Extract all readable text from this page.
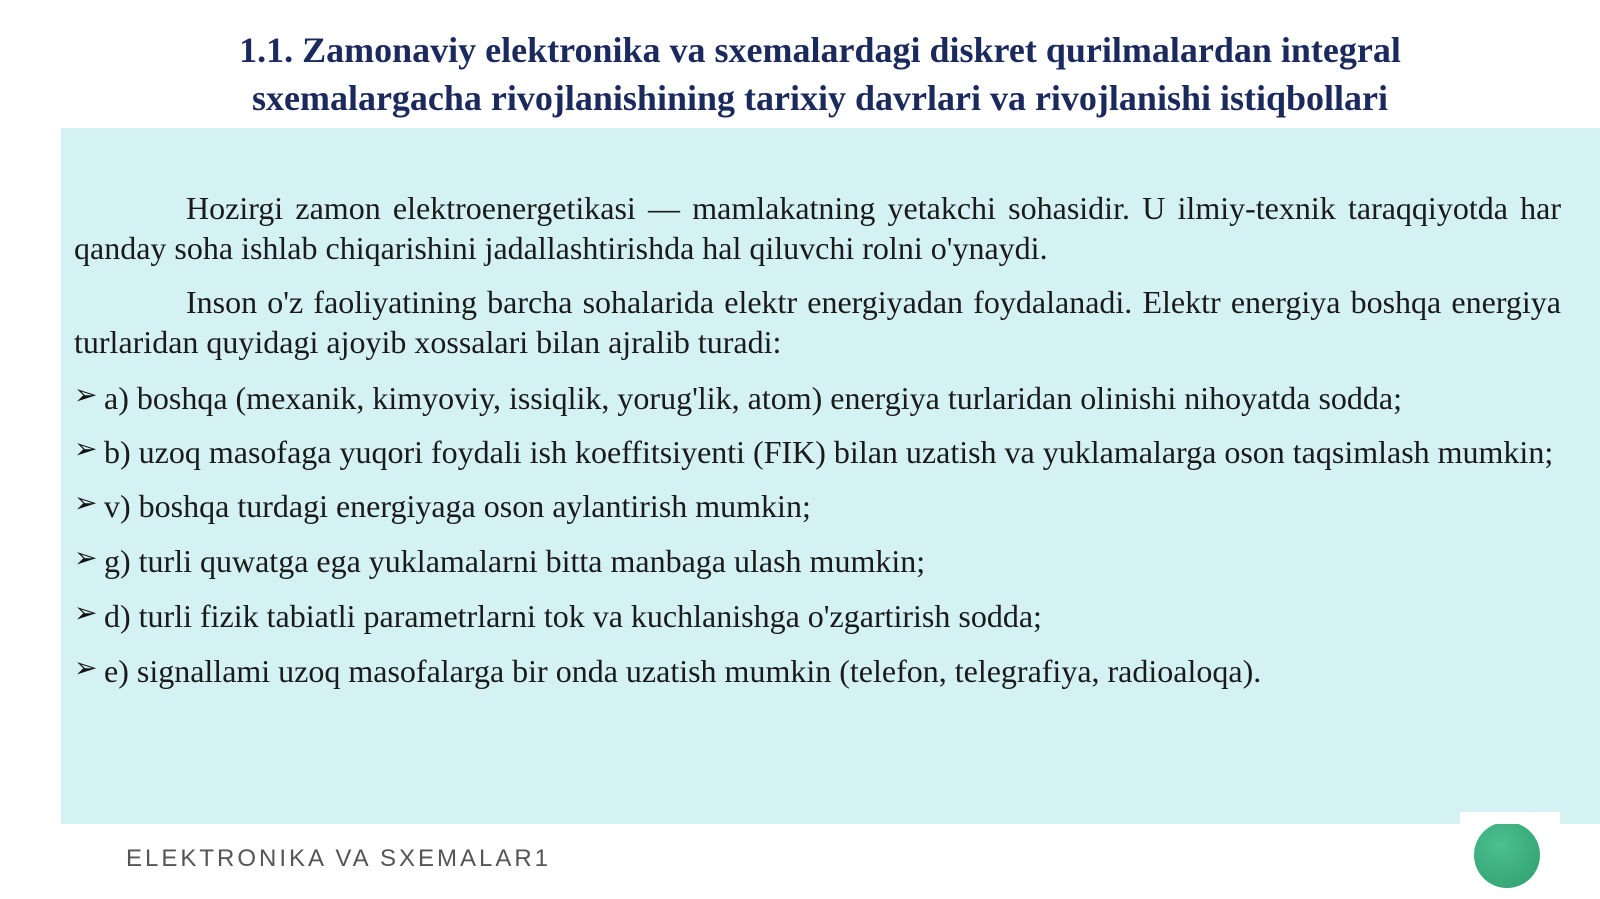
1.1. Zamonaviy elektronika va sxemalardagi diskret qurilmalardan integral
sxemalargacha rivojlanishining tarixiy davrlari va rivojlanishi istiqbollari

Hozirgi zamon elektroenergetikasi — mamlakatning yetakchi sohasidir. U ilmiy-texnik taraqqiyotda har qanday soha ishlab chiqarishini jadallashtirishda hal qiluvchi rolni o'ynaydi.

Inson o'z faoliyatining barcha sohalarida elektr energiyadan foydalanadi. Elektr energiya boshqa energiya turlaridan quyidagi ajoyib xossalari bilan ajralib turadi:

➢ a) boshqa (mexanik, kimyoviy, issiqlik, yorug'lik, atom) energiya turlaridan olinishi nihoyatda sodda;
➢ b) uzoq masofaga yuqori foydali ish koeffitsiyenti (FIK) bilan uzatish va yuklamalarga oson taqsimlash mumkin;
➢ v) boshqa turdagi energiyaga oson aylantirish mumkin;
➢ g) turli quwatga ega yuklamalarni bitta manbaga ulash mumkin;
➢ d) turli fizik tabiatli parametrlarni tok va kuchlanishga o'zgartirish sodda;
➢ e) signallami uzoq masofalarga bir onda uzatish mumkin (telefon, telegrafiya, radioaloqa).
ELEKTRONIKA VA SXEMALAR1
